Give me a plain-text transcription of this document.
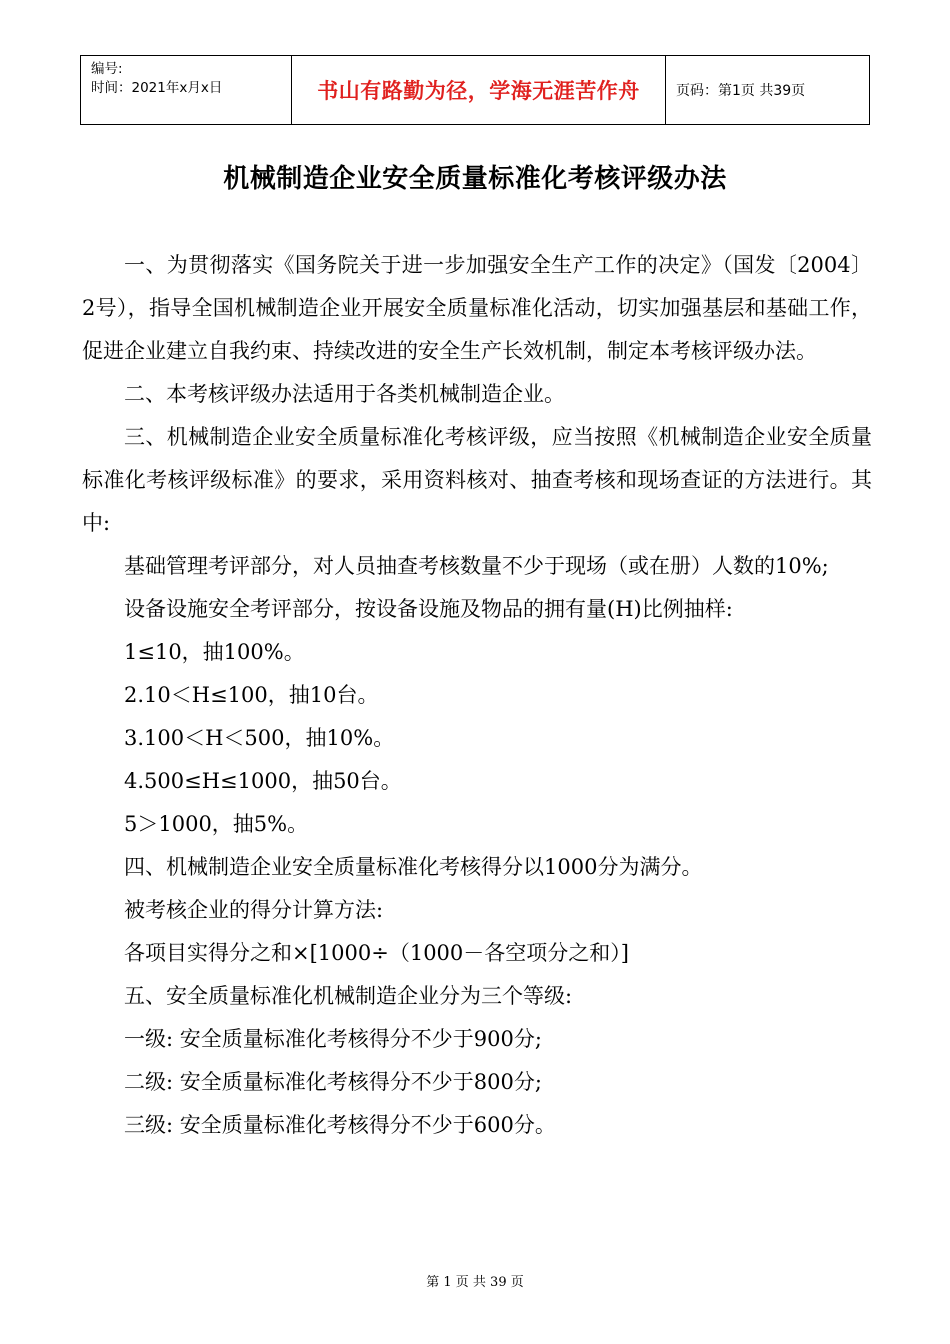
编号:
时间：2021年x月x日	书山有路勤为径，学海无涯苦作舟	页码：第1页 共39页
机械制造企业安全质量标准化考核评级办法

一、为贯彻落实《国务院关于进一步加强安全生产工作的决定》（国发〔2004〕2号），指导全国机械制造企业开展安全质量标准化活动，切实加强基层和基础工作，促进企业建立自我约束、持续改进的安全生产长效机制，制定本考核评级办法。

二、本考核评级办法适用于各类机械制造企业。

三、机械制造企业安全质量标准化考核评级，应当按照《机械制造企业安全质量标准化考核评级标准》的要求，采用资料核对、抽查考核和现场查证的方法进行。其中:

基础管理考评部分，对人员抽查考核数量不少于现场（或在册）人数的10%;

设备设施安全考评部分，按设备设施及物品的拥有量(H)比例抽样:

1≤10，抽100%。

2.10＜H≤100，抽10台。

3.100＜H＜500，抽10%。

4.500≤H≤1000，抽50台。

5＞1000，抽5%。

四、机械制造企业安全质量标准化考核得分以1000分为满分。

被考核企业的得分计算方法:

各项目实得分之和×[1000÷（1000－各空项分之和）]

五、安全质量标准化机械制造企业分为三个等级:

一级: 安全质量标准化考核得分不少于900分;

二级: 安全质量标准化考核得分不少于800分;

三级: 安全质量标准化考核得分不少于600分。

第 1 页 共 39 页
